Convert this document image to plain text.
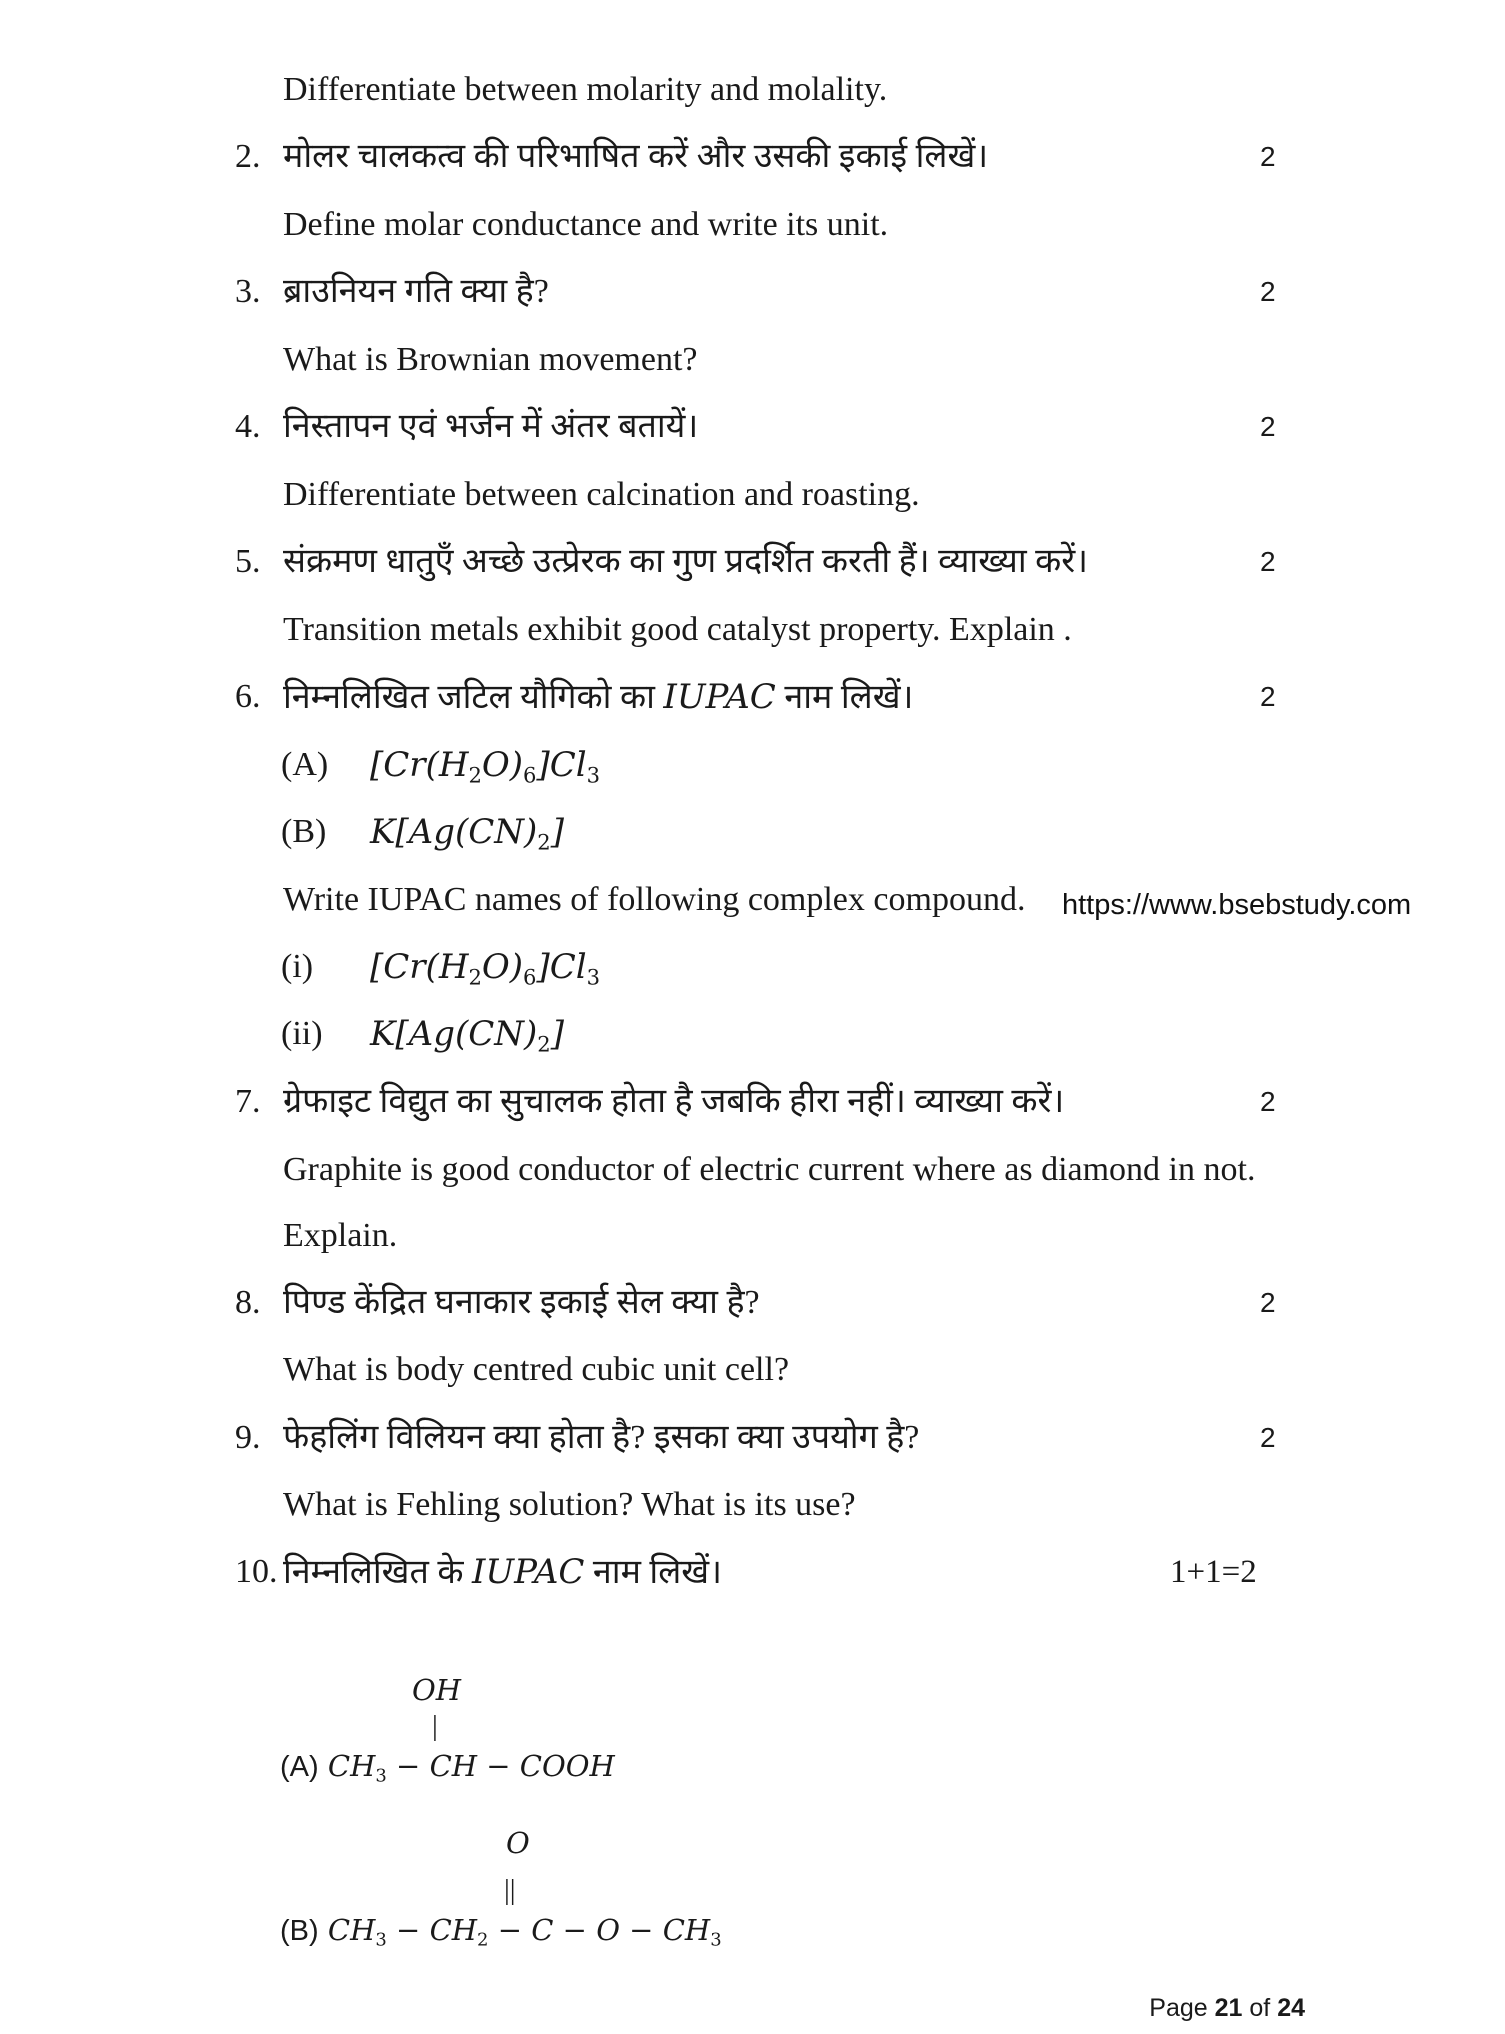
Differentiate between molarity and molality.
2. मोलर चालकत्व की परिभाषित करें और उसकी इकाई लिखें।	2
Define molar conductance and write its unit.
3. ब्राउनियन गति क्या है?	2
What is Brownian movement?
4. निस्तापन एवं भर्जन में अंतर बतायें।	2
Differentiate between calcination and roasting.
5. संक्रमण धातुएँ अच्छे उत्प्रेरक का गुण प्रदर्शित करती हैं। व्याख्या करें।	2
Transition metals exhibit good catalyst property. Explain .
6. निम्नलिखित जटिल यौगिको का IUPAC नाम लिखें।	2
(A) $[Cr(H_2O)_6]Cl_3$
(B) $K[Ag(CN)_2]$
Write IUPAC names of following complex compound. https://www.bsebstudy.com
(i) $[Cr(H_2O)_6]Cl_3$
(ii) $K[Ag(CN)_2]$
7. ग्रेफाइट विद्युत का सुचालक होता है जबकि हीरा नहीं। व्याख्या करें।	2
Graphite is good conductor of electric current where as diamond in not.
Explain.
8. पिण्ड केंद्रित घनाकार इकाई सेल क्या है?	2
What is body centred cubic unit cell?
9. फेहलिंग विलियन क्या होता है? इसका क्या उपयोग है?	2
What is Fehling solution? What is its use?
10. निम्नलिखित के IUPAC नाम लिखें।	1+1=2
OH
|
(A) $CH_3$ − CH − COOH
O
||
(B) $CH_3 - CH_2 - C - O - CH_3$
Page 21 of 24
